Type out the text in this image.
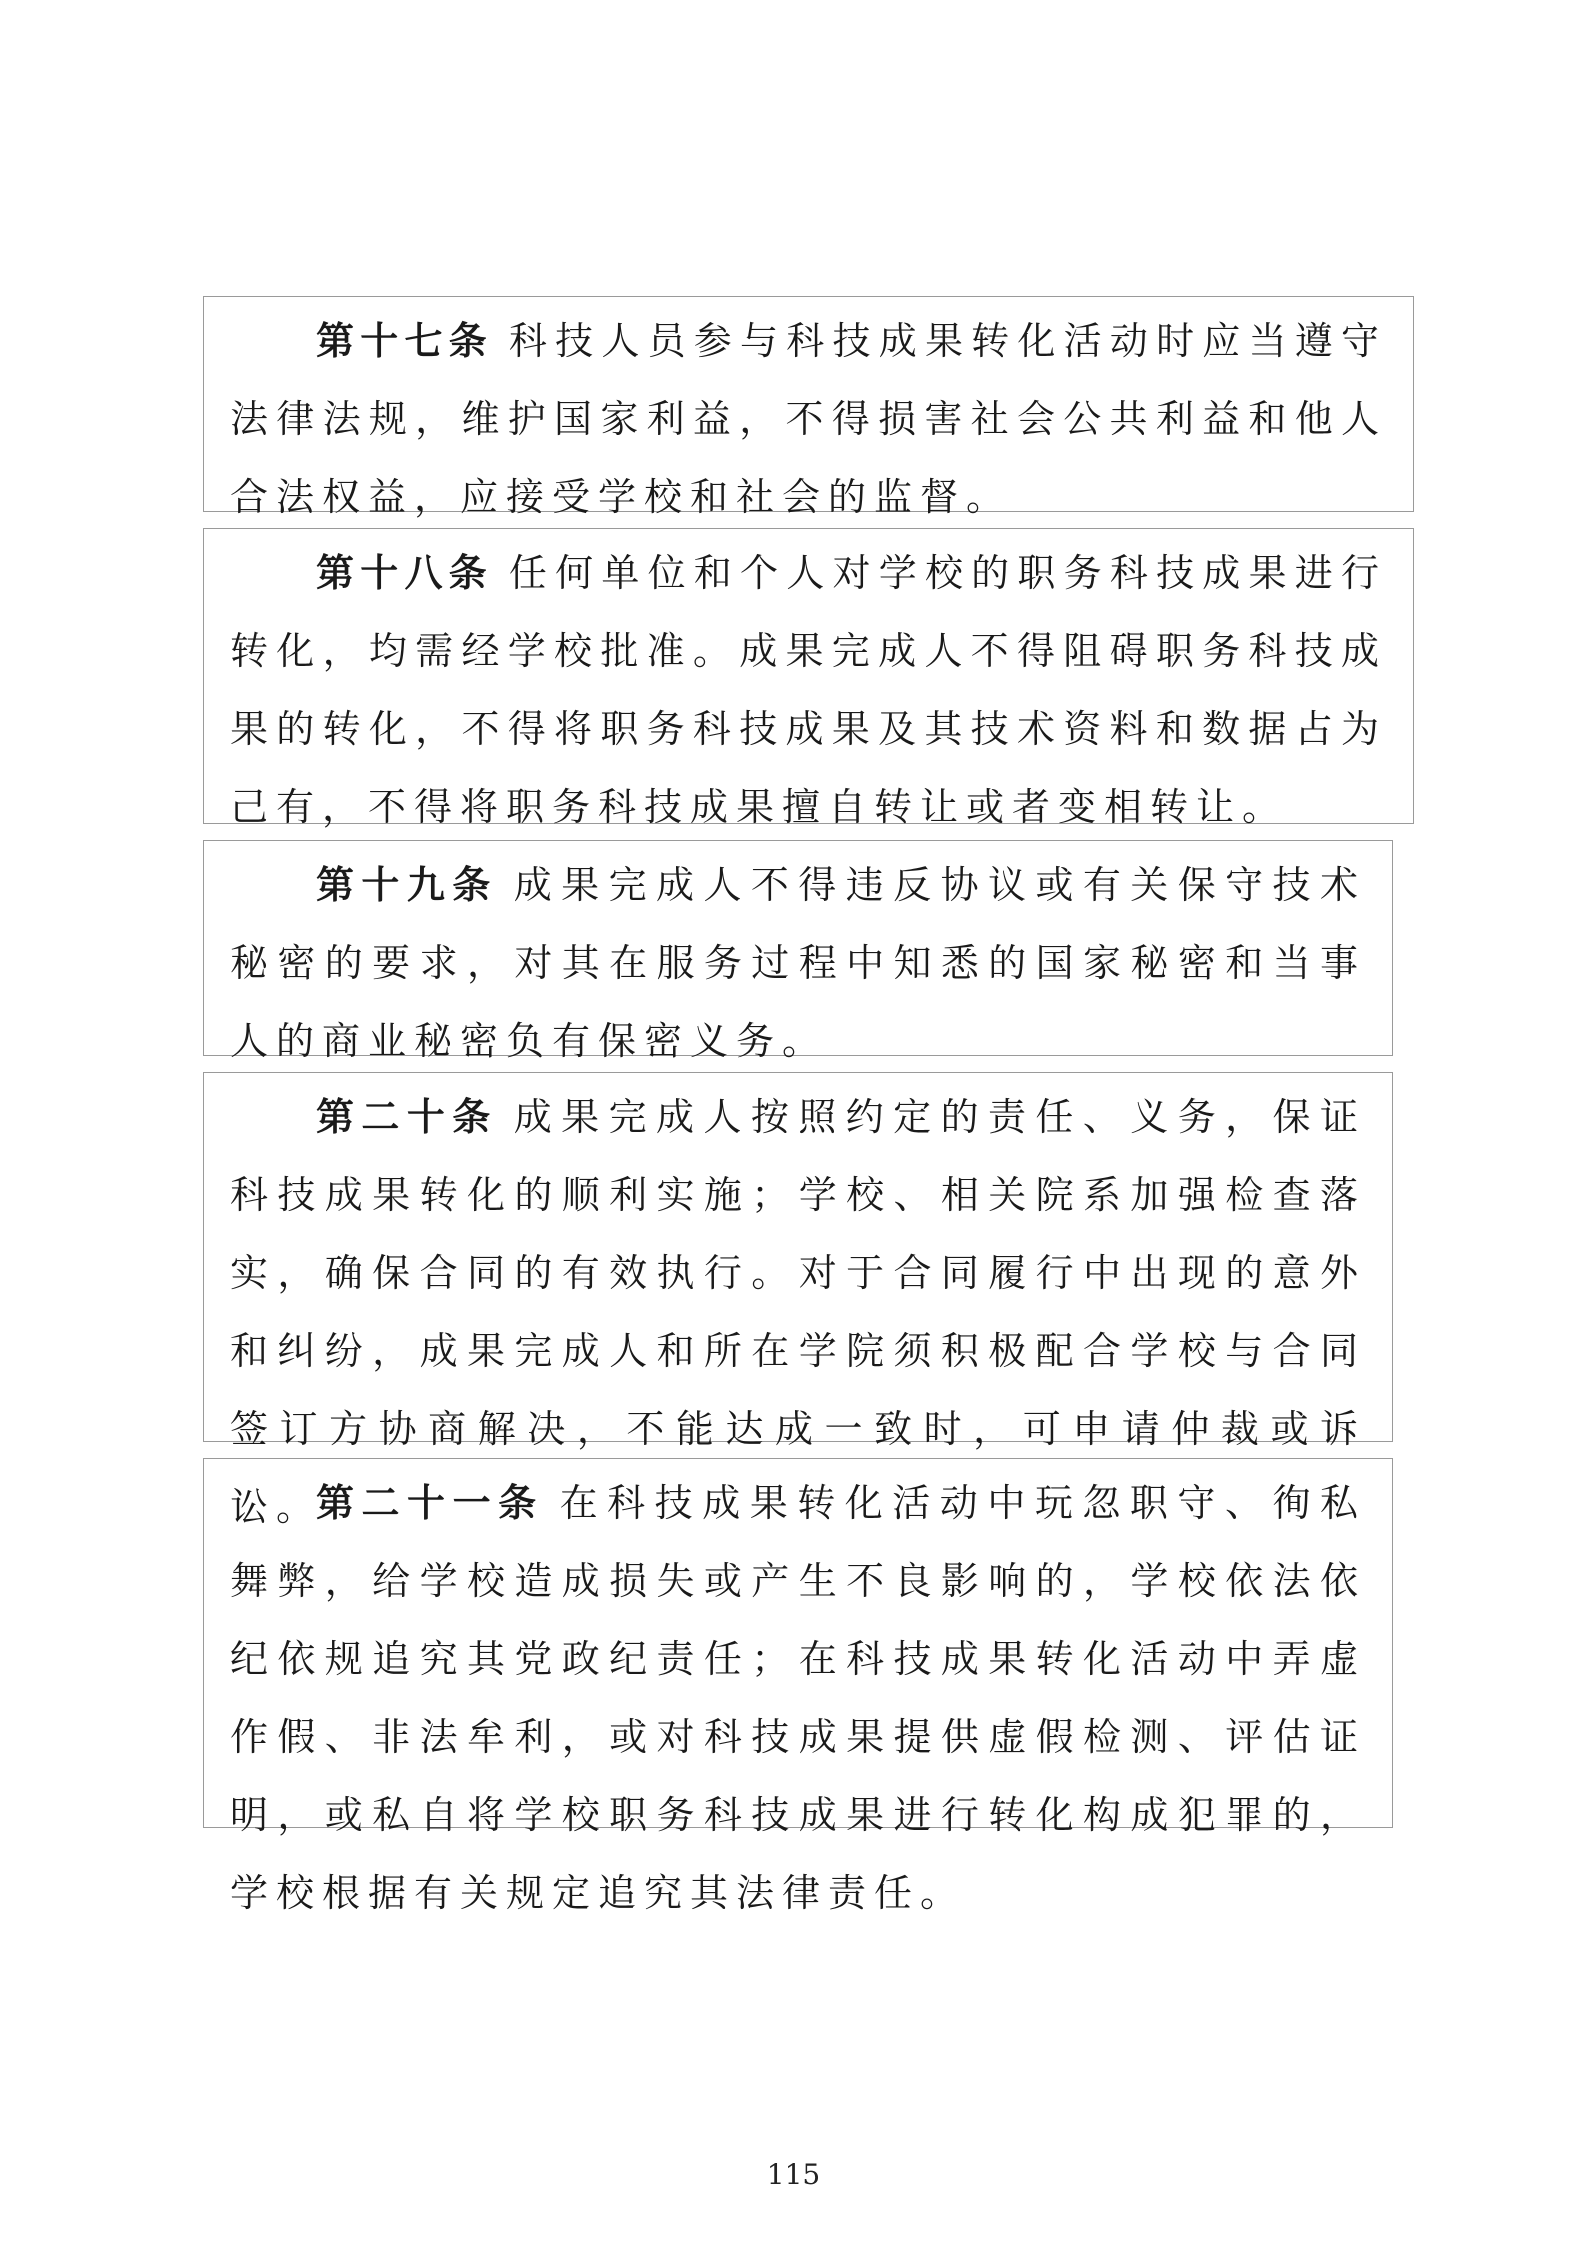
第十七条 科技人员参与科技成果转化活动时应当遵守法律法规，维护国家利益，不得损害社会公共利益和他人合法权益，应接受学校和社会的监督。
第十八条 任何单位和个人对学校的职务科技成果进行转化，均需经学校批准。成果完成人不得阻碍职务科技成果的转化，不得将职务科技成果及其技术资料和数据占为己有，不得将职务科技成果擅自转让或者变相转让。
第十九条 成果完成人不得违反协议或有关保守技术秘密的要求，对其在服务过程中知悉的国家秘密和当事人的商业秘密负有保密义务。
第二十条 成果完成人按照约定的责任、义务，保证科技成果转化的顺利实施；学校、相关院系加强检查落实，确保合同的有效执行。对于合同履行中出现的意外和纠纷，成果完成人和所在学院须积极配合学校与合同签订方协商解决，不能达成一致时，可申请仲裁或诉讼。
第二十一条 在科技成果转化活动中玩忽职守、徇私舞弊，给学校造成损失或产生不良影响的，学校依法依纪依规追究其党政纪责任；在科技成果转化活动中弄虚作假、非法牟利，或对科技成果提供虚假检测、评估证明，或私自将学校职务科技成果进行转化构成犯罪的，学校根据有关规定追究其法律责任。
115
